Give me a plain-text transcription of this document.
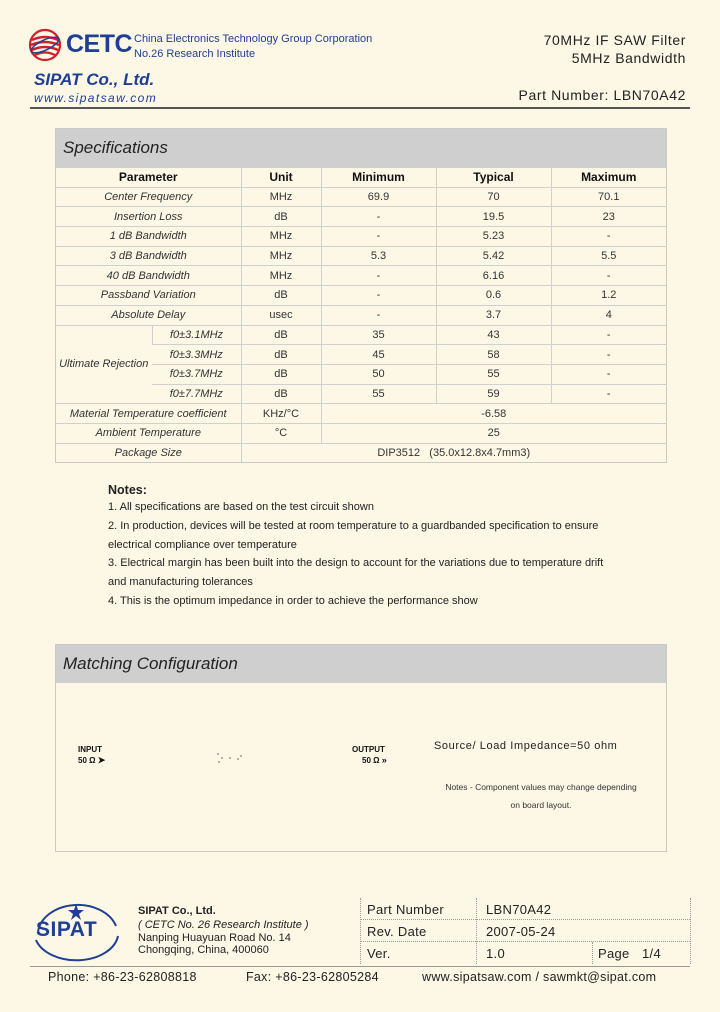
CETC China Electronics Technology Group Corporation
No.26 Research Institute
SIPAT Co., Ltd.
www.sipatsaw.com
70MHz IF SAW Filter
5MHz Bandwidth
Part Number: LBN70A42
Specifications
Parameter		Unit	Minimum	Typical	Maximum
Center Frequency		MHz	69.9	70	70.1
Insertion Loss		dB	-	19.5	23
1 dB Bandwidth		MHz	-	5.23	-
3 dB Bandwidth		MHz	5.3	5.42	5.5
40 dB Bandwidth		MHz	-	6.16	-
Passband Variation		dB	-	0.6	1.2
Absolute Delay		usec	-	3.7	4
Ultimate Rejection	f0±3.1MHz	dB	35	43	-
	f0±3.3MHz	dB	45	58	-
	f0±3.7MHz	dB	50	55	-
	f0±7.7MHz	dB	55	59	-
Material Temperature coefficient		KHz/°C	-6.58		
Ambient Temperature		°C	25		
Package Size		DIP3512   (35.0x12.8x4.7mm3)			
Notes:
1. All specifications are based on the test circuit shown
2. In production, devices will be tested at room temperature to a guardbanded specification to ensure
electrical compliance over temperature
3. Electrical margin has been built into the design to account for the variations due to temperature drift
and manufacturing tolerances
4. This is the optimum impedance in order to achieve the performance show
Matching Configuration
INPUT
50 Ω ➤
OUTPUT
50 Ω »
Source/ Load Impedance=50 ohm
Notes - Component values may change depending
on board layout.
SIPAT
SIPAT Co., Ltd.
( CETC No. 26 Research Institute )
Nanping Huayuan Road No. 14
Chongqing, China, 400060
Part Number	LBN70A42
Rev. Date	2007-05-24
Ver.	1.0	Page 1/4
Phone: +86-23-62808818	Fax: +86-23-62805284	www.sipatsaw.com / sawmkt@sipat.com
